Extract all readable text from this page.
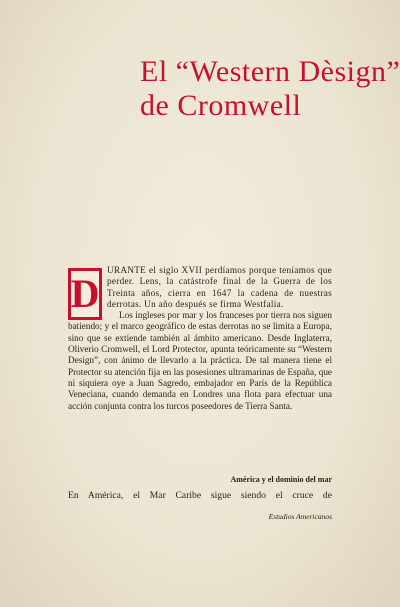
El “Western Dèsign”
de Cromwell
D

URANTE el siglo XVII perdíamos porque teníamos que perder. Lens, la catástrofe final de la Guerra de los Treinta años, cierra en 1647 la cadena de nuestras derrotas. Un año después se firma Westfalia.

Los ingleses por mar y los franceses por tierra nos siguen batiendo; y el marco geográfico de estas derrotas no se limita a Europa, sino que se extiende también al ámbito americano. Desde Inglaterra, Oliverio Cromwell, el Lord Protector, apunta teóricamente su “Western Design”, con ánimo de llevarlo a la práctica. De tal manera tiene el Protector su atención fija en las posesiones ultramarinas de España, que ni siquiera oye a Juan Sagredo, embajador en París de la República Veneciana, cuando demanda en Londres una flota para efectuar una acción conjunta contra los turcos poseedores de Tierra Santa.

América y el dominio del mar
En América, el Mar Caribe sigue siendo el cruce de
Estudios Americanos
